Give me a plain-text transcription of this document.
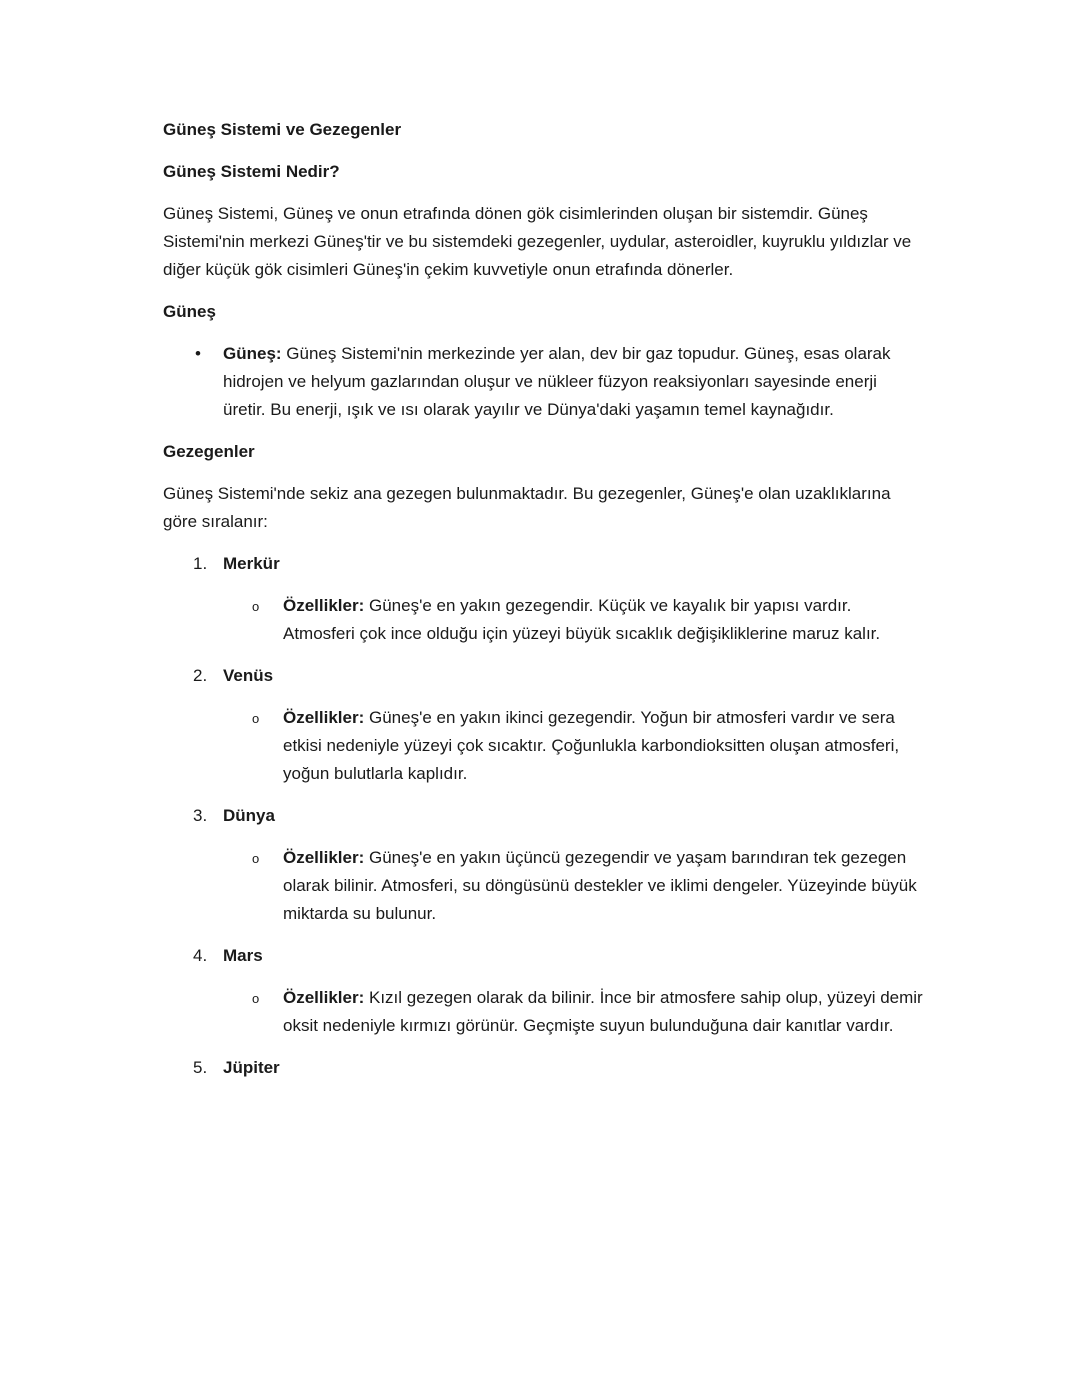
Güneş Sistemi ve Gezegenler
Güneş Sistemi Nedir?
Güneş Sistemi, Güneş ve onun etrafında dönen gök cisimlerinden oluşan bir sistemdir. Güneş Sistemi'nin merkezi Güneş'tir ve bu sistemdeki gezegenler, uydular, asteroidler, kuyruklu yıldızlar ve diğer küçük gök cisimleri Güneş'in çekim kuvvetiyle onun etrafında dönerler.
Güneş
• Güneş: Güneş Sistemi'nin merkezinde yer alan, dev bir gaz topudur. Güneş, esas olarak hidrojen ve helyum gazlarından oluşur ve nükleer füzyon reaksiyonları sayesinde enerji üretir. Bu enerji, ışık ve ısı olarak yayılır ve Dünya'daki yaşamın temel kaynağıdır.
Gezegenler
Güneş Sistemi'nde sekiz ana gezegen bulunmaktadır. Bu gezegenler, Güneş'e olan uzaklıklarına göre sıralanır:
1. Merkür
o Özellikler: Güneş'e en yakın gezegendir. Küçük ve kayalık bir yapısı vardır. Atmosferi çok ince olduğu için yüzeyi büyük sıcaklık değişikliklerine maruz kalır.
2. Venüs
o Özellikler: Güneş'e en yakın ikinci gezegendir. Yoğun bir atmosferi vardır ve sera etkisi nedeniyle yüzeyi çok sıcaktır. Çoğunlukla karbondioksitten oluşan atmosferi, yoğun bulutlarla kaplıdır.
3. Dünya
o Özellikler: Güneş'e en yakın üçüncü gezegendir ve yaşam barındıran tek gezegen olarak bilinir. Atmosferi, su döngüsünü destekler ve iklimi dengeler. Yüzeyinde büyük miktarda su bulunur.
4. Mars
o Özellikler: Kızıl gezegen olarak da bilinir. İnce bir atmosfere sahip olup, yüzeyi demir oksit nedeniyle kırmızı görünür. Geçmişte suyun bulunduğuna dair kanıtlar vardır.
5. Jüpiter
